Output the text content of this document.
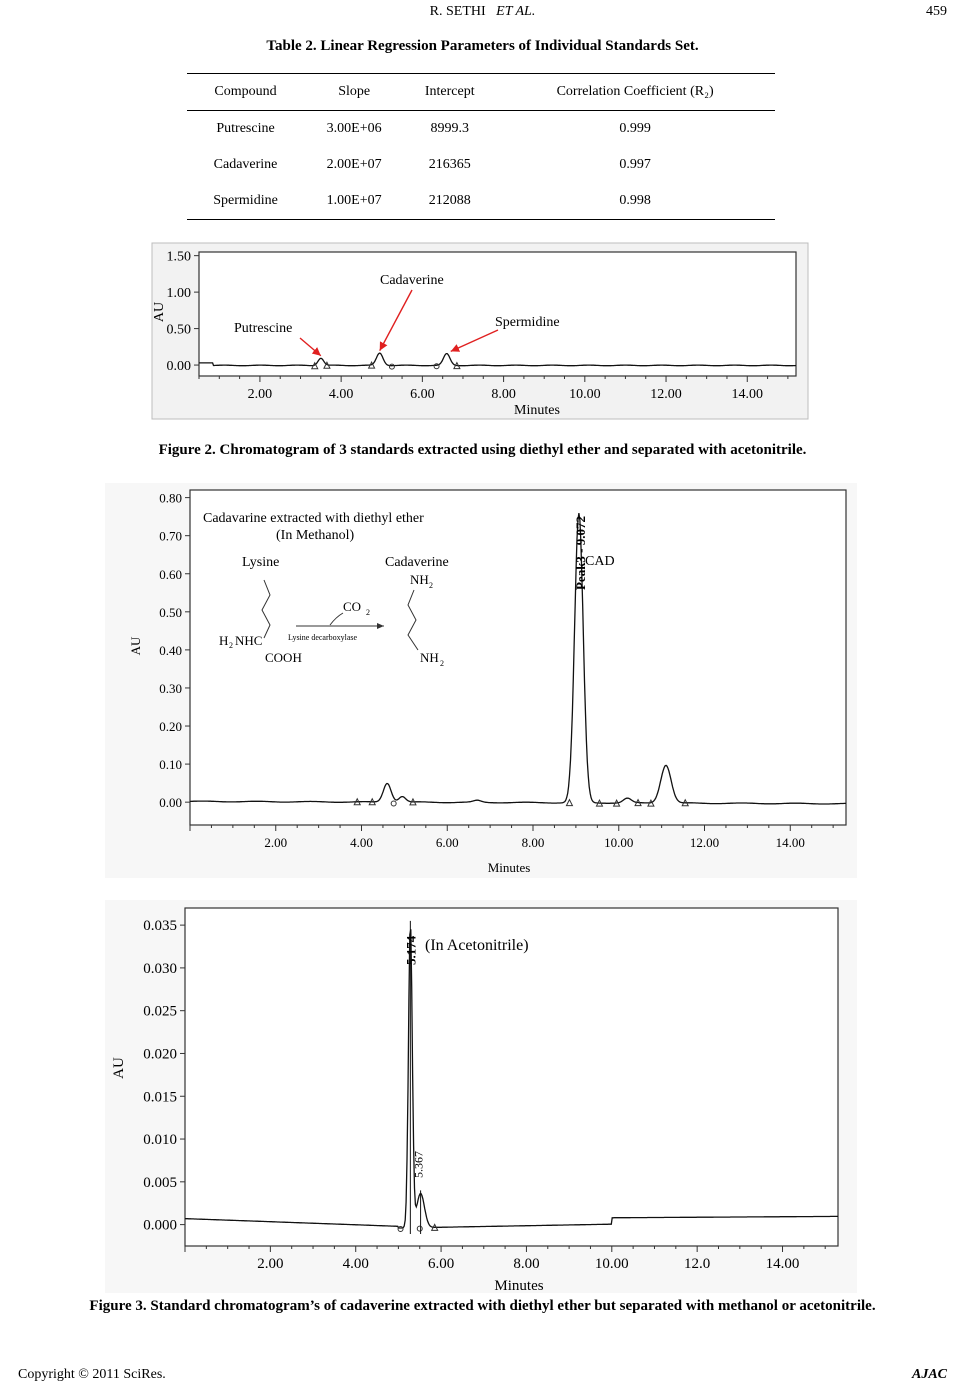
R. SETHI ET AL.	459
Table 2. Linear Regression Parameters of Individual Standards Set.
Compound	Slope	Intercept	Correlation Coefficient (R₂)
Putrescine	3.00E+06	8999.3	0.999
Cadaverine	2.00E+07	216365	0.997
Spermidine	1.00E+07	212088	0.998
0.00
0.50
1.00
1.50
2.00	4.00	6.00	8.00	10.00	12.00	14.00
Minutes
AU
Putrescine
Cadaverine
Spermidine
Figure 2. Chromatogram of 3 standards extracted using diethyl ether and separated with acetonitrile.
0.00
0.10
0.20
0.30
0.40
0.50
0.60
0.70
0.80
2.00	4.00	6.00	8.00	10.00	12.00	14.00
Minutes
AU
Peak3 - 9.072
CAD
Cadavarine extracted with diethyl ether
(In Methanol)
Lysine	Cadaverine
NH 2
NH 2
CO 2
Lysine decarboxylase
H 2 NHC
COOH
0.000
0.005
0.010
0.015
0.020
0.025
0.030
0.035
2.00	4.00	6.00	8.00	10.00	12.0	14.00
Minutes
AU
5.174
5.367
(In Acetonitrile)
Figure 3. Standard chromatogram’s of cadaverine extracted with diethyl ether but separated with methanol or acetonitrile.
Copyright © 2011 SciRes.	AJAC
